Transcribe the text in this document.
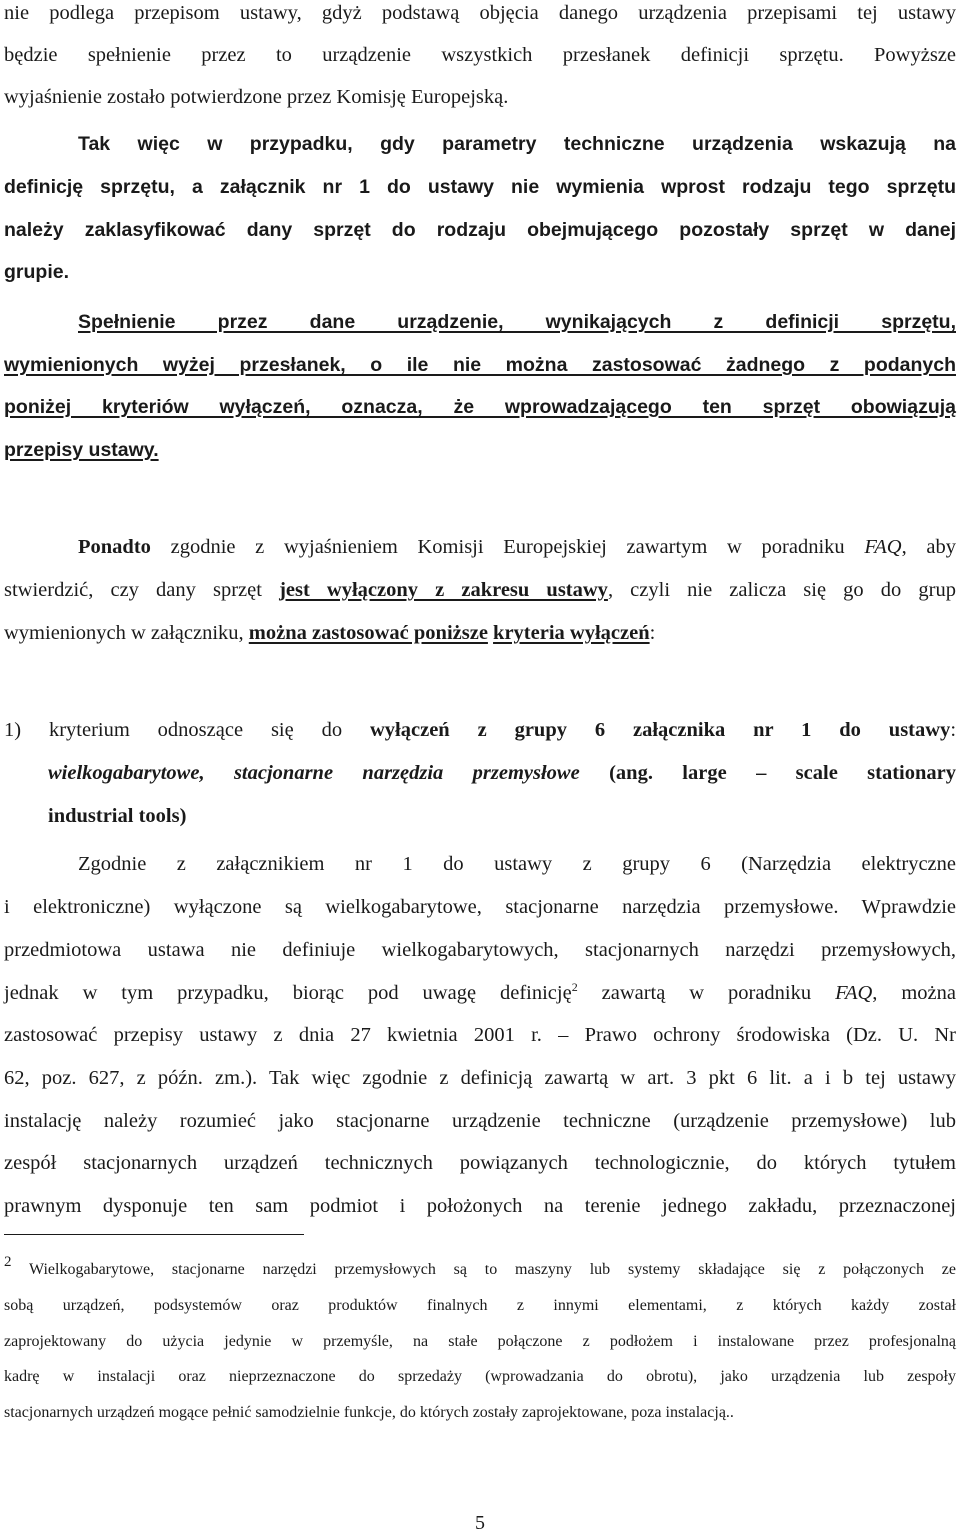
nie podlega przepisom ustawy, gdyż podstawą objęcia danego urządzenia przepisami tej ustawy

będzie spełnienie przez to urządzenie wszystkich przesłanek definicji sprzętu. Powyższe

wyjaśnienie zostało potwierdzone przez Komisję Europejską.

Tak więc w przypadku, gdy parametry techniczne urządzenia wskazują na

definicję sprzętu, a załącznik nr 1 do ustawy nie wymienia wprost rodzaju tego sprzętu

należy zaklasyfikować dany sprzęt do rodzaju obejmującego pozostały sprzęt w danej

grupie.

Spełnienie przez dane urządzenie, wynikających z definicji sprzętu,

wymienionych wyżej przesłanek, o ile nie można zastosować żadnego z podanych

poniżej kryteriów wyłączeń, oznacza, że wprowadzającego ten sprzęt obowiązują

przepisy ustawy.

Ponadto zgodnie z wyjaśnieniem Komisji Europejskiej zawartym w poradniku FAQ, aby

stwierdzić, czy dany sprzęt jest wyłączony z zakresu ustawy, czyli nie zalicza się go do grup

wymienionych w załączniku, można zastosować poniższe kryteria wyłączeń:

1) kryterium odnoszące się do wyłączeń z grupy 6 załącznika nr 1 do ustawy:

wielkogabarytowe, stacjonarne narzędzia przemysłowe (ang. large – scale stationary

industrial tools)

Zgodnie z załącznikiem nr 1 do ustawy z grupy 6 (Narzędzia elektryczne

i elektroniczne) wyłączone są wielkogabarytowe, stacjonarne narzędzia przemysłowe. Wprawdzie

przedmiotowa ustawa nie definiuje wielkogabarytowych, stacjonarnych narzędzi przemysłowych,

jednak w tym przypadku, biorąc pod uwagę definicję$^2$ zawartą w poradniku FAQ, można

zastosować przepisy ustawy z dnia 27 kwietnia 2001 r. – Prawo ochrony środowiska (Dz. U. Nr

62, poz. 627, z późn. zm.). Tak więc zgodnie z definicją zawartą w art. 3 pkt 6 lit. a i b tej ustawy

instalację należy rozumieć jako stacjonarne urządzenie techniczne (urządzenie przemysłowe) lub

zespół stacjonarnych urządzeń technicznych powiązanych technologicznie, do których tytułem

prawnym dysponuje ten sam podmiot i położonych na terenie jednego zakładu, przeznaczonej

2 Wielkogabarytowe, stacjonarne narzędzi przemysłowych są to maszyny lub systemy składające się z połączonych ze

sobą urządzeń, podsystemów oraz produktów finalnych z innymi elementami, z których każdy został

zaprojektowany do użycia jedynie w przemyśle, na stałe połączone z podłożem i instalowane przez profesjonalną

kadrę w instalacji oraz nieprzeznaczone do sprzedaży (wprowadzania do obrotu), jako urządzenia lub zespoły

stacjonarnych urządzeń mogące pełnić samodzielnie funkcje, do których zostały zaprojektowane, poza instalacją..

5
